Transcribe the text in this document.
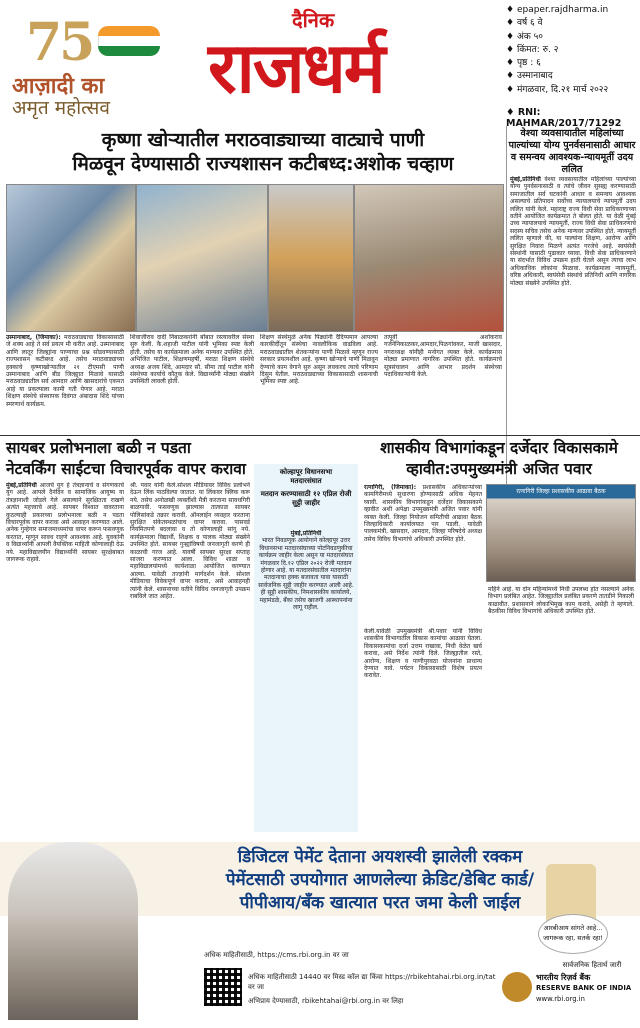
75
आज़ादी का
अमृत महोत्सव
दैनिक
राजधर्म
♦ epaper.rajdharma.in
♦ वर्ष ६ वे
♦ अंक ५०
♦ किंमत: रु. २
♦ पृष्ठ : ६
♦ उस्मानाबाद
♦ मंगळवार, दि.२१ मार्च २०२२
♦ RNI: MAHMAR/2017/71292
कृष्णा खोऱ्यातील मराठवाड्याच्या वाट्याचे पाणी
मिळवून देण्यासाठी राज्यशासन कटीबध्द:अशोक चव्हाण
उस्मानाबाद, (जिमाका): मराठवाड्याचा विकासासाठी जे शक्य आहे ते सर्व प्रयत्न मी करीत आहे. उस्मानाबाद आणि लातूर जिल्ह्यांना पाण्याचा प्रश्न सोडवण्यासाठी राज्यशासन कटीबध्द आहे. तसेच मराठवाड्याच्या हक्काचे कृष्णाखोऱ्यातील २१ टीएमसी पाणी उस्मानाबाद आणि बीड जिल्ह्यात मिळावे यासाठी मराठवाड्यातील सर्व आमदार आणि खासदारांचे एकमत आहे या प्रकल्पाला कामी गती येणार आहे. मराठा शिक्षण संस्थेचे संस्थापक दिवंगत अंबादास शिंदे यांच्या स्मरणार्थ कार्यक्रम.
शिवाजीराव दादी निंबाळकरांनी बोंबात रस्त्यावरील संस्था सुरु केली. कै.शहाजी पाटील यांनी भूमिका स्पष्ट केली होती. तसेच या कार्यक्रमाला अनेक मान्यवर उपस्थित होते. अभिजित पाटील, शिक्षणमहर्षी, मराठा शिक्षण संस्थेचे अध्यक्ष अजय शिंदे, आमदार सौ. सीमा ताई पाटील यांनी संस्थेच्या कार्याचे कौतुक केले. विद्यार्थ्यांनी मोठ्या संख्येने उपस्थिती लावली होती.
शिक्षण संस्थेमुळे अनेक पिढ्यांनी दैदिप्यमान आपल्या कारकीर्दीतून संस्थेचा नावलौकिक वाढविला आहे. मराठवाड्यातील शेतकऱ्यांना पाणी मिळावे म्हणून राज्य सरकार प्रयत्नशील आहे. कृष्णा खोऱ्याचे पाणी मिळवून देण्याचे काम वेगाने सुरु असून लवकरच त्याचे परिणाम दिसून येतील. मराठवाड्याच्या विकासासाठी शासनाची भूमिका स्पष्ट आहे.
तत्पूर्वी अशोकराव गर्जनेनिकाळकर,आमदार,पिळगांवकर, माजी खासदार, नगराध्यक्ष यांनीही मनोगत व्यक्त केले. कार्यक्रमास मोठ्या प्रमाणात नागरिक उपस्थित होते. कार्यक्रमाचे सूत्रसंचालन आणि आभार प्रदर्शन संस्थेच्या पदाधिकाऱ्यांनी केले.
वेश्या व्यवसायातील महिलांच्या पाल्यांच्या योग्य पुनर्वसनासाठी आधार व समन्वय आवश्यक-न्यायमूर्ती उदय ललित
मुंबई,प्रतिनिधी वेश्या व्यवसायातील महिलांच्या पाल्यांच्या योग्य पुनर्वसनासाठी व त्यांचे जीवन सुसह्य करण्यासाठी समाजातील सर्व घटकांनी आधार व समन्वय आवश्यक असल्याचे प्रतिपादन सर्वोच्च न्यायालयाचे न्यायमूर्ती उदय ललित यांनी केले. महाराष्ट्र राज्य विधी सेवा प्राधिकरणाच्या वतीने आयोजित कार्यक्रमात ते बोलत होते. या वेळी मुंबई उच्च न्यायालयाचे न्यायमूर्ती, राज्य विधी सेवा प्राधिकरणाचे सदस्य सचिव तसेच अनेक मान्यवर उपस्थित होते. न्यायमूर्ती ललित म्हणाले की, या पाल्यांना शिक्षण, आरोग्य आणि सुरक्षित निवारा मिळणे अत्यंत गरजेचे आहे. स्वयंसेवी संस्थांनी यासाठी पुढाकार घ्यावा. विधी सेवा प्राधिकरणाने या संदर्भात विविध उपक्रम हाती घेतले असून त्याचा लाभ अधिकाधिक लोकांना मिळावा. कार्यक्रमाला न्यायमूर्ती, वरिष्ठ अधिकारी, स्वयंसेवी संस्थांचे प्रतिनिधी आणि नागरिक मोठ्या संख्येने उपस्थित होते.
सायबर प्रलोभनाला बळी न पडता
नेटवर्किंग साईटचा विचारपूर्वक वापर करावा
मुंबई,प्रतिनिधी आजचे युग हे तंत्रज्ञानाचे व संगणकाचे युग आहे. आपले दैनंदिन व सामाजिक आयुष्य या तंत्रज्ञानाशी जोडले गेले असल्याने सुरक्षितता राखणे अत्यंत महत्त्वाचे आहे. सायबर विश्वात वावरताना कुठल्याही प्रकारच्या प्रलोभनाला बळी न पडता विचारपूर्वक वापर करावा असे आवाहन करण्यात आले. अनेक गुन्हेगार समाजमाध्यमांचा वापर करून फसवणूक करतात, म्हणून सावध राहणे आवश्यक आहे. युवकांनी व विद्यार्थ्यांनी आपली वैयक्तिक माहिती कोणालाही देऊ नये. महाविद्यालयीन विद्यार्थ्यांनी सायबर सुरक्षेबाबत जागरूक राहावे.
श्री. पवार यांनी केले.सोशल मीडियावर विविध प्रलोभने देऊन लिंक पाठविल्या जातात. या लिंकवर क्लिक करू नये. तसेच अनोळखी व्यक्तींशी मैत्री करताना सावधगिरी बाळगावी. फसवणूक झाल्यास तात्काळ सायबर पोलिसांकडे तक्रार करावी. ऑनलाईन व्यवहार करताना सुरक्षित संकेतस्थळांचाच वापर करावा. पासवर्ड नियमितपणे बदलावा व तो कोणालाही सांगू नये. कार्यक्रमाला विद्यार्थी, शिक्षक व पालक मोठ्या संख्येने उपस्थित होते. सायबर गुन्ह्यांविषयी जनजागृती करणे ही काळाची गरज आहे. यावर्षी सायबर सुरक्षा सप्ताह साजरा करण्यात आला. विविध शाळा व महाविद्यालयांमध्ये कार्यशाळा आयोजित करण्यात आल्या. यावेळी तज्ज्ञांनी मार्गदर्शन केले. सोशल मीडियाचा विवेकपूर्ण वापर करावा, असे आवाहनही त्यांनी केले. शासनाच्या वतीने विविध जनजागृती उपक्रम राबविले जात आहेत.
कोल्हापूर विधानसभा
मतदारसंघात
मतदान करण्यासाठी १२ एप्रिल रोजी सुट्टी जाहीर
मुंबई,प्रतिनिधी
भारत निवडणूक आयोगाने कोल्हापूर उत्तर विधानसभा मतदारसंघाच्या पोटनिवडणुकीचा कार्यक्रम जाहीर केला असून या मतदारसंघात मंगळवार दि.१२ एप्रिल २०२२ रोजी मतदान होणार आहे. या मतदारसंघातील मतदारांना मतदानाचा हक्क बजावता यावा यासाठी सार्वजनिक सुट्टी जाहीर करण्यात आली आहे. ही सुट्टी शासकीय, निमशासकीय कार्यालये, महामंडळे, बँका तसेच खाजगी आस्थापनांना लागू राहील.
शासकीय विभागांकडून दर्जेदार विकासकामे
व्हावीत:उपमुख्यमंत्री अजित पवार
रत्नागिरी, (जिमाका): प्रशासकीय अधिकाऱ्यांच्या कामगिरीमध्ये सुधारणा होण्यासाठी अधिक मेहनत घ्यावी. शासकीय विभागांकडून दर्जेदार विकासकामे व्हावीत अशी अपेक्षा उपमुख्यमंत्री अजित पवार यांनी व्यक्त केली. जिल्हा नियोजन समितीची आढावा बैठक जिल्हाधिकारी कार्यालयात पार पडली. यावेळी पालकमंत्री, खासदार, आमदार, जिल्हा परिषदेचे अध्यक्ष तसेच विविध विभागांचे अधिकारी उपस्थित होते.
रत्नागिरी जिल्हा प्रशासकीय आढावा बैठक
केली.यावेळी उपमुख्यमंत्री श्री.पवार यांनी विविध शासकीय विभागातील विकास कामांचा आढावा घेतला. विकासकामांचा दर्जा उत्तम राखावा, निधी वेळेत खर्च करावा, असे निर्देश त्यांनी दिले. जिल्ह्यातील रस्ते, आरोग्य, शिक्षण व पाणीपुरवठा योजनांना प्राधान्य देण्यात यावे. पर्यटन विकासासाठी विशेष प्रयत्न करावेत.
महिने आहे. या दोन महिन्यांमध्ये निधी उपलब्ध होत नसल्याने अनेक विभाग प्रलंबित आहेत. जिल्ह्यातील प्रलंबित प्रकरणे तातडीने निकाली काढावीत. प्रशासनाने लोकाभिमुख काम करावे, असेही ते म्हणाले. बैठकीस विविध विभागांचे अधिकारी उपस्थित होते.
डिजिटल पेमेंट देताना अयशस्वी झालेली रक्कम
पेमेंटसाठी उपयोगात आणलेल्या क्रेडिट/डेबिट कार्ड/
पीपीआय/बँक खात्यात परत जमा केली जाईल
आरबीआय सांगते आहे... जागरूक रहा, सतर्क रहा!
अधिक माहितीसाठी, https://cms.rbi.org.in वर जा
अधिक माहितीसाठी 14440 वर मिस्ड कॉल द्या किंवा https://rbikehtahai.rbi.org.in/tat वर जा
अभिप्राय देण्यासाठी, rbikehtahai@rbi.org.in वर लिहा
सार्वजनिक हितार्थ जारी
भारतीय रिज़र्व बैंक
RESERVE BANK OF INDIA
www.rbi.org.in
